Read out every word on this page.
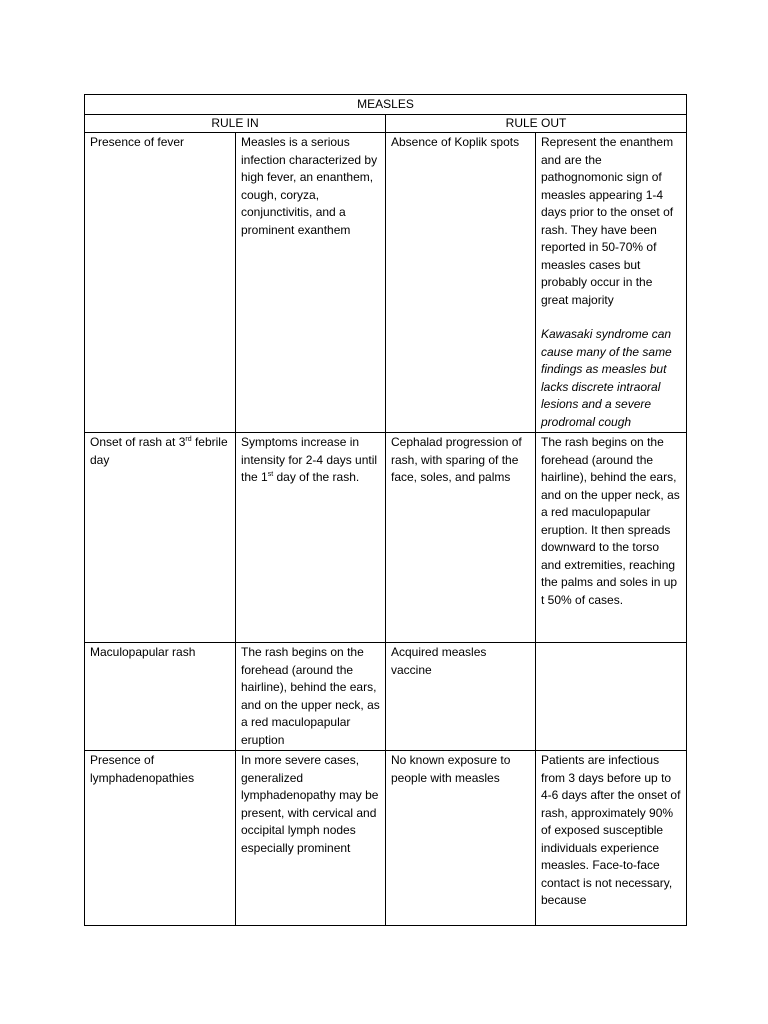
MEASLES			
RULE IN		RULE OUT	
Presence of fever	Measles is a serious infection characterized by high fever, an enanthem, cough, coryza, conjunctivitis, and a prominent exanthem	Absence of Koplik spots	Represent the enanthem and are the pathognomonic sign of measles appearing 1-4 days prior to the onset of rash. They have been reported in 50-70% of measles cases but probably occur in the great majority
Kawasaki syndrome can cause many of the same findings as measles but lacks discrete intraoral lesions and a severe prodromal cough

Onset of rash at 3rd febrile day	Symptoms increase in intensity for 2-4 days until the 1st day of the rash.	Cephalad progression of rash, with sparing of the face, soles, and palms	The rash begins on the forehead (around the hairline), behind the ears, and on the upper neck, as a red maculopapular eruption. It then spreads downward to the torso and extremities, reaching the palms and soles in up t 50% of cases.
Maculopapular rash	The rash begins on the forehead (around the hairline), behind the ears, and on the upper neck, as a red maculopapular eruption	Acquired measles vaccine	
Presence of lymphadenopathies	In more severe cases, generalized lymphadenopathy may be present, with cervical and occipital lymph nodes especially prominent	No known exposure to people with measles	Patients are infectious from 3 days before up to 4-6 days after the onset of rash, approximately 90% of exposed susceptible individuals experience measles. Face-to-face contact is not necessary, because
